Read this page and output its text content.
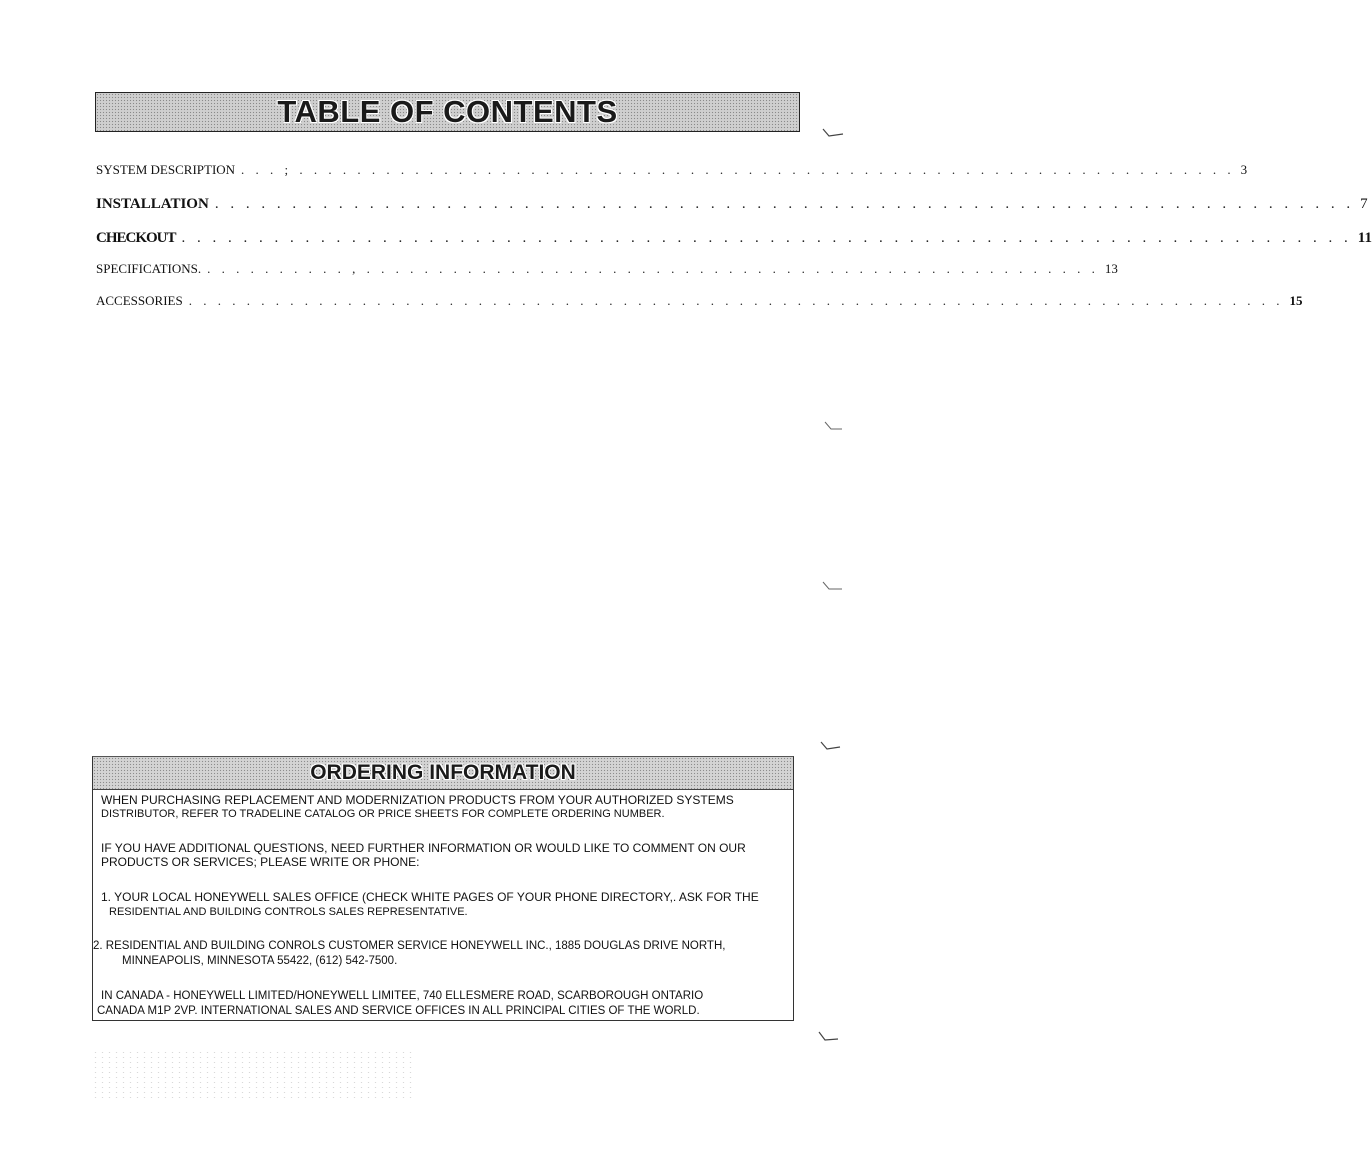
TABLE OF CONTENTS
SYSTEM DESCRIPTION . . . ; . . . . . . . . . . . . . . . . . . . . . . . . . . . . . . . . . . . . . . . . . . . . . . . . . . . . . . . . . . . . . . . . . 3
INSTALLATION . . . . . . . . . . . . . . . . . . . . . . . . . . . . . . . . . . . . . . . . . . . . . . . . . . . . . . . . . . . . . . . . . . . . . . . . . . 7
CHECKOUT . . . . . . . . . . . . . . . . . . . . . . . . . . . . . . . . . . . . . . . . . . . . . . . . . . . . . . . . . . . . . . . . . . . . . . . . . . . . 11
SPECIFICATIONS. . . . . . . . . . . , . . . . . . . . . . . . . . . . . . . . . . . . . . . . . . . . . . . . . . . . . . . . . . . . . . . 13
ACCESSORIES . . . . . . . . . . . . . . . . . . . . . . . . . . . . . . . . . . . . . . . . . . . . . . . . . . . . . . . . . . . . . . . . . . . . . . . . . . . . 15
ORDERING INFORMATION
WHEN PURCHASING REPLACEMENT AND MODERNIZATION PRODUCTS FROM YOUR AUTHORIZED SYSTEMS
DISTRIBUTOR, REFER TO TRADELINE CATALOG OR PRICE SHEETS FOR COMPLETE ORDERING NUMBER.
IF YOU HAVE ADDITIONAL QUESTIONS, NEED FURTHER INFORMATION OR WOULD LIKE TO COMMENT ON OUR
PRODUCTS OR SERVICES; PLEASE WRITE OR PHONE:
1. YOUR LOCAL HONEYWELL SALES OFFICE (CHECK WHITE PAGES OF YOUR PHONE DIRECTORY,. ASK FOR THE
RESIDENTIAL AND BUILDING CONTROLS SALES REPRESENTATIVE.
2. RESIDENTIAL AND BUILDING CONROLS CUSTOMER SERVICE HONEYWELL INC., 1885 DOUGLAS DRIVE NORTH,
MINNEAPOLIS, MINNESOTA 55422, (612) 542-7500.
IN CANADA - HONEYWELL LIMITED/HONEYWELL LIMITEE, 740 ELLESMERE ROAD, SCARBOROUGH ONTARIO
CANADA M1P 2VP. INTERNATIONAL SALES AND SERVICE OFFICES IN ALL PRINCIPAL CITIES OF THE WORLD.
